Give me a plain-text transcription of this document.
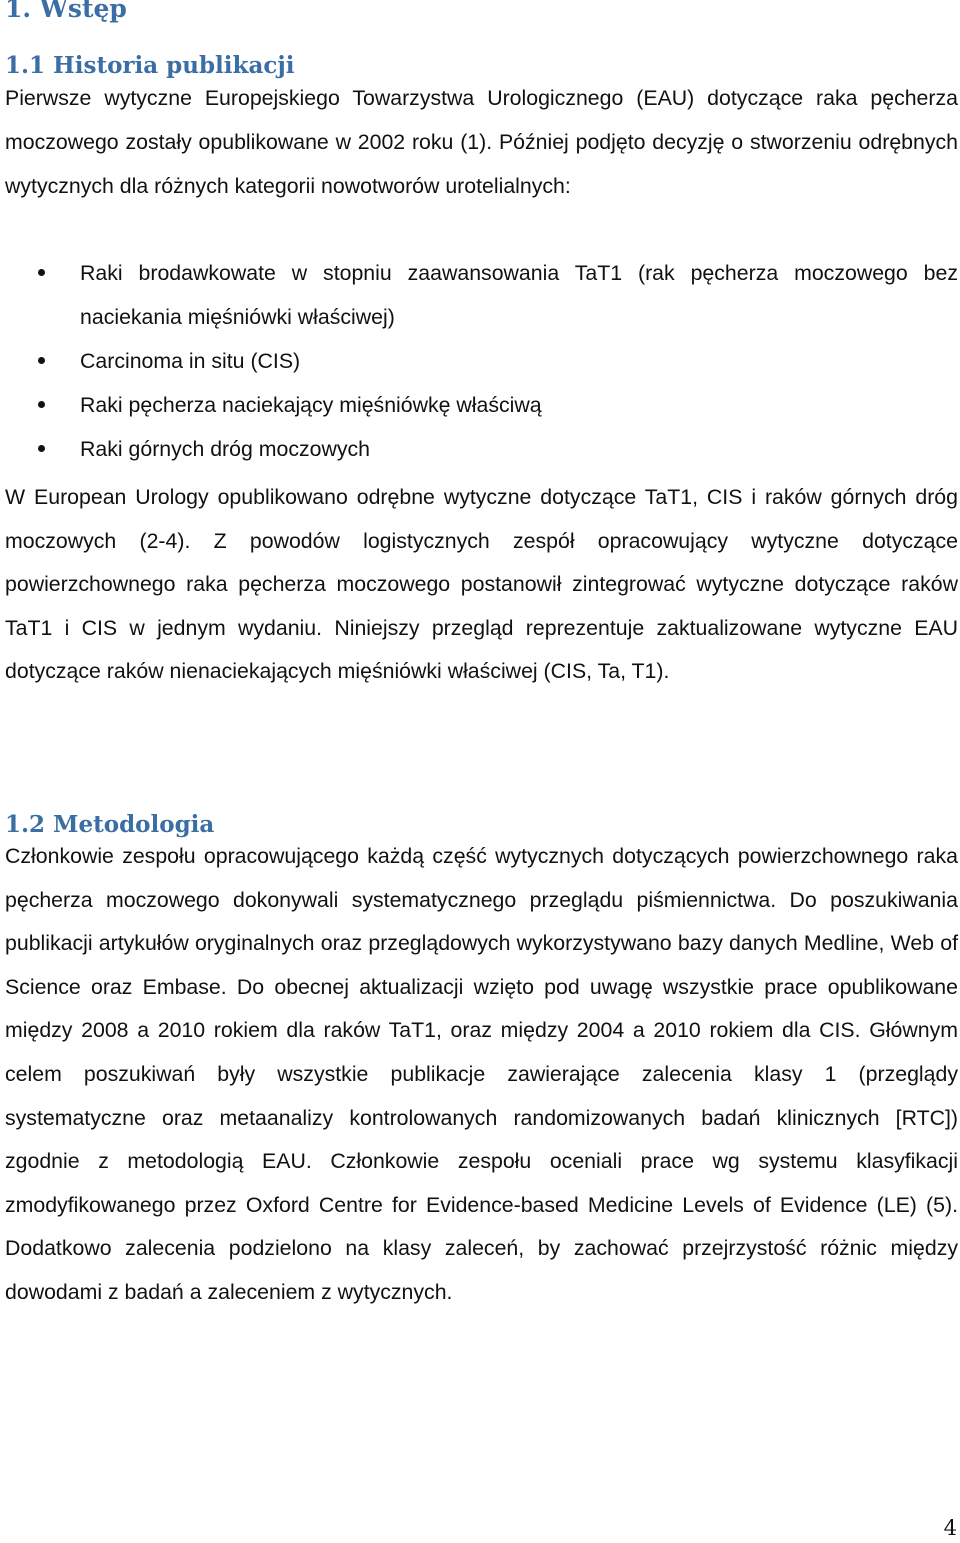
1. Wstęp
1.1 Historia publikacji

Pierwsze wytyczne Europejskiego Towarzystwa Urologicznego (EAU) dotyczące raka pęcherza moczowego zostały opublikowane w 2002 roku (1). Później podjęto decyzję o stworzeniu odrębnych wytycznych dla różnych kategorii nowotworów urotelialnych:

Raki brodawkowate w stopniu zaawansowania TaT1 (rak pęcherza moczowego bez naciekania mięśniówki właściwej)
Carcinoma in situ (CIS)
Raki pęcherza naciekający mięśniówkę właściwą
Raki górnych dróg moczowych

W European Urology opublikowano odrębne wytyczne dotyczące TaT1, CIS i raków górnych dróg moczowych (2-4). Z powodów logistycznych zespół opracowujący wytyczne dotyczące powierzchownego raka pęcherza moczowego postanowił zintegrować wytyczne dotyczące raków TaT1 i CIS w jednym wydaniu. Niniejszy przegląd reprezentuje zaktualizowane wytyczne EAU dotyczące raków nienaciekających mięśniówki właściwej (CIS, Ta, T1).

1.2 Metodologia

Członkowie zespołu opracowującego każdą część wytycznych dotyczących powierzchownego raka pęcherza moczowego dokonywali systematycznego przeglądu piśmiennictwa. Do poszukiwania publikacji artykułów oryginalnych oraz przeglądowych wykorzystywano bazy danych Medline, Web of Science oraz Embase. Do obecnej aktualizacji wzięto pod uwagę wszystkie prace opublikowane między 2008 a 2010 rokiem dla raków TaT1, oraz między 2004 a 2010 rokiem dla CIS. Głównym celem poszukiwań były wszystkie publikacje zawierające zalecenia klasy 1 (przeglądy systematyczne oraz metaanalizy kontrolowanych randomizowanych badań klinicznych [RTC]) zgodnie z metodologią EAU. Członkowie zespołu oceniali prace wg systemu klasyfikacji zmodyfikowanego przez Oxford Centre for Evidence-based Medicine Levels of Evidence (LE) (5). Dodatkowo zalecenia podzielono na klasy zaleceń, by zachować przejrzystość różnic między dowodami z badań a zaleceniem z wytycznych.

4
